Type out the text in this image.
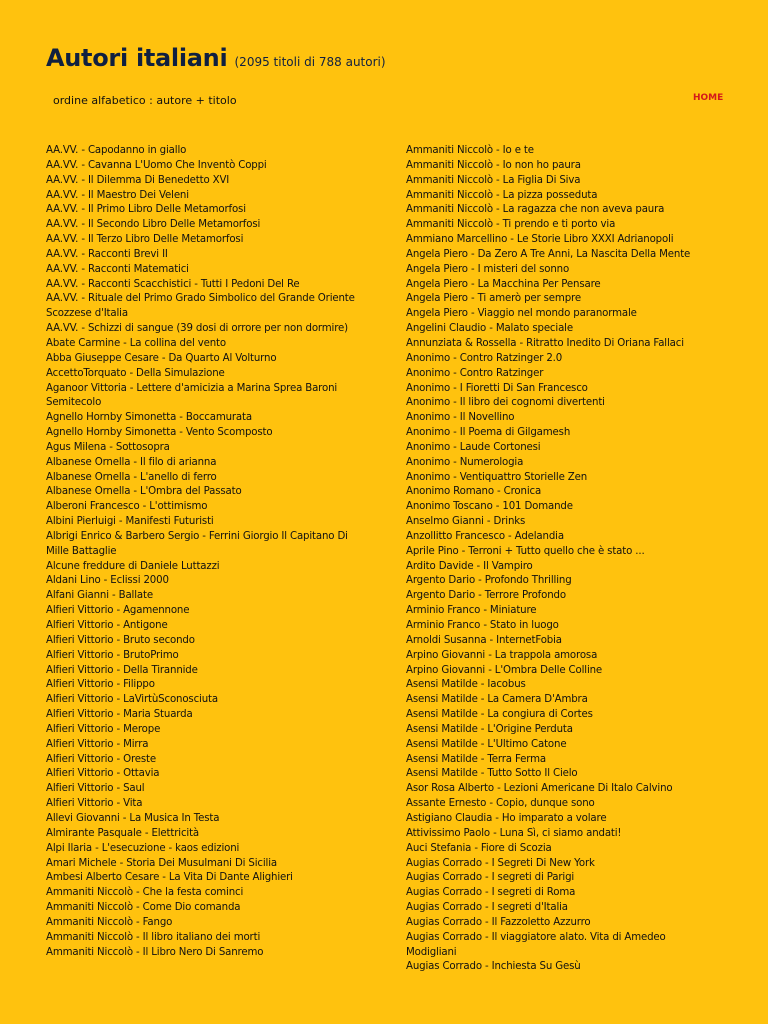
Autori italiani (2095 titoli di 788 autori)
ordine alfabetico : autore + titolo	HOME
AA.VV. - Capodanno in giallo
AA.VV. - Cavanna L'Uomo Che Inventò Coppi
AA.VV. - Il Dilemma Di Benedetto XVI
AA.VV. - Il Maestro Dei Veleni
AA.VV. - Il Primo Libro Delle Metamorfosi
AA.VV. - Il Secondo Libro Delle Metamorfosi
AA.VV. - Il Terzo Libro Delle Metamorfosi
AA.VV. - Racconti Brevi II
AA.VV. - Racconti Matematici
AA.VV. - Racconti Scacchistici - Tutti I Pedoni Del Re
AA.VV. - Rituale del Primo Grado Simbolico del Grande Oriente Scozzese d'Italia
AA.VV. - Schizzi di sangue (39 dosi di orrore per non dormire)
Abate Carmine - La collina del vento
Abba Giuseppe Cesare - Da Quarto Al Volturno
AccettoTorquato - Della Simulazione
Aganoor Vittoria - Lettere d'amicizia a Marina Sprea Baroni Semitecolo
Agnello Hornby Simonetta - Boccamurata
Agnello Hornby Simonetta - Vento Scomposto
Agus Milena - Sottosopra
Albanese Ornella - Il filo di arianna
Albanese Ornella - L'anello di ferro
Albanese Ornella - L'Ombra del Passato
Alberoni Francesco - L'ottimismo
Albini Pierluigi - Manifesti Futuristi
Albrigi Enrico & Barbero Sergio - Ferrini Giorgio Il Capitano Di Mille Battaglie
Alcune freddure di Daniele Luttazzi
Aldani Lino - Eclissi 2000
Alfani Gianni - Ballate
Alfieri Vittorio - Agamennone
Alfieri Vittorio - Antigone
Alfieri Vittorio - Bruto secondo
Alfieri Vittorio - BrutoPrimo
Alfieri Vittorio - Della Tirannide
Alfieri Vittorio - Filippo
Alfieri Vittorio - LaVirtùSconosciuta
Alfieri Vittorio - Maria Stuarda
Alfieri Vittorio - Merope
Alfieri Vittorio - Mirra
Alfieri Vittorio - Oreste
Alfieri Vittorio - Ottavia
Alfieri Vittorio - Saul
Alfieri Vittorio - Vita
Allevi Giovanni - La Musica In Testa
Almirante Pasquale - Elettricità
Alpi Ilaria - L'esecuzione - kaos edizioni
Amari Michele - Storia Dei Musulmani Di Sicilia
Ambesi Alberto Cesare - La Vita Di Dante Alighieri
Ammaniti Niccolò - Che la festa cominci
Ammaniti Niccolò - Come Dio comanda
Ammaniti Niccolò - Fango
Ammaniti Niccolò - Il libro italiano dei morti
Ammaniti Niccolò - Il Libro Nero Di Sanremo
Ammaniti Niccolò - Io e te
Ammaniti Niccolò - Io non ho paura
Ammaniti Niccolò - La Figlia Di Siva
Ammaniti Niccolò - La pizza posseduta
Ammaniti Niccolò - La ragazza che non aveva paura
Ammaniti Niccolò - Ti prendo e ti porto via
Ammiano Marcellino - Le Storie Libro XXXI Adrianopoli
Angela Piero - Da Zero A Tre Anni, La Nascita Della Mente
Angela Piero - I misteri del sonno
Angela Piero - La Macchina Per Pensare
Angela Piero - Ti amerò per sempre
Angela Piero - Viaggio nel mondo paranormale
Angelini Claudio - Malato speciale
Annunziata & Rossella - Ritratto Inedito Di Oriana Fallaci
Anonimo - Contro Ratzinger 2.0
Anonimo - Contro Ratzinger
Anonimo - I Fioretti Di San Francesco
Anonimo - Il libro dei cognomi divertenti
Anonimo - Il Novellino
Anonimo - Il Poema di Gilgamesh
Anonimo - Laude Cortonesi
Anonimo - Numerologia
Anonimo - Ventiquattro Storielle Zen
Anonimo Romano - Cronica
Anonimo Toscano - 101 Domande
Anselmo Gianni - Drinks
Anzollitto Francesco - Adelandia
Aprile Pino - Terroni + Tutto quello che è stato ...
Ardito Davide - Il Vampiro
Argento Dario - Profondo Thrilling
Argento Dario - Terrore Profondo
Arminio Franco - Miniature
Arminio Franco - Stato in luogo
Arnoldi Susanna - InternetFobia
Arpino Giovanni - La trappola amorosa
Arpino Giovanni - L'Ombra Delle Colline
Asensi Matilde - Iacobus
Asensi Matilde - La Camera D'Ambra
Asensi Matilde - La congiura di Cortes
Asensi Matilde - L'Origine Perduta
Asensi Matilde - L'Ultimo Catone
Asensi Matilde - Terra Ferma
Asensi Matilde - Tutto Sotto Il Cielo
Asor Rosa Alberto - Lezioni Americane Di Italo Calvino
Assante Ernesto - Copio, dunque sono
Astigiano Claudia - Ho imparato a volare
Attivissimo Paolo - Luna Sì, ci siamo andati!
Auci Stefania - Fiore di Scozia
Augias Corrado - I Segreti Di New York
Augias Corrado - I segreti di Parigi
Augias Corrado - I segreti di Roma
Augias Corrado - I segreti d'Italia
Augias Corrado - Il Fazzoletto Azzurro
Augias Corrado - Il viaggiatore alato. Vita di Amedeo Modigliani
Augias Corrado - Inchiesta Su Gesù
